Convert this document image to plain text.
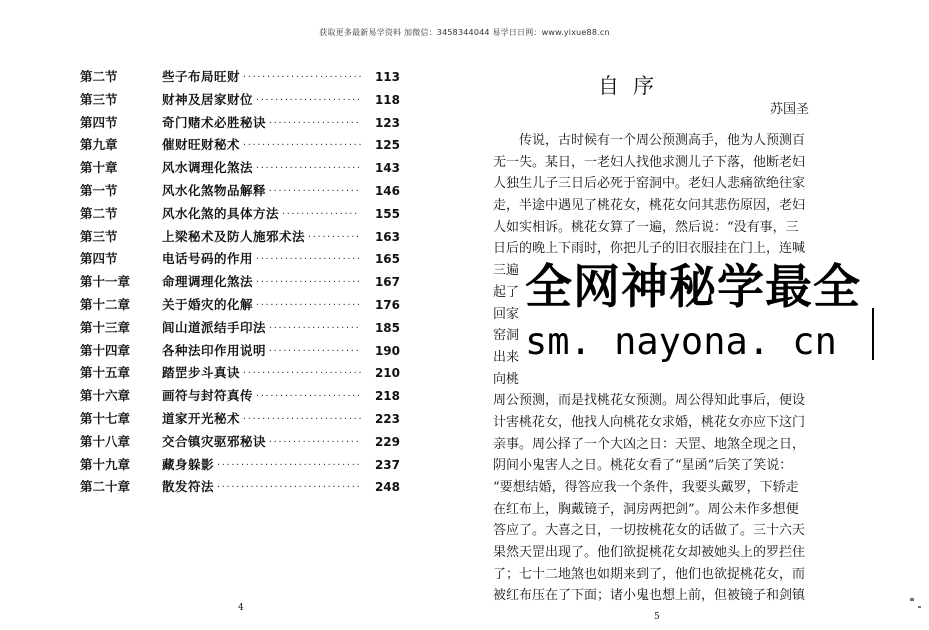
获取更多最新易学资料 加微信：3458344044 易学日日网：www.yixue88.cn
第二节	些子布局旺财 ························· 113
第三节	财神及居家财位 ······················ 118
第四节	奇门赌术必胜秘诀 ··················· 123
第九章	催财旺财秘术 ························· 125
第十章	风水调理化煞法 ······················ 143
第一节	风水化煞物品解释 ··················· 146
第二节	风水化煞的具体方法 ················	155
第三节	上梁秘术及防人施邪术法 ··········· 163
第四节	电话号码的作用 ······················ 165
第十一章	命理调理化煞法 ······················ 167
第十二章	关于婚灾的化解 ······················ 176
第十三章	闾山道派结手印法 ··················· 185
第十四章	各种法印作用说明 ··················· 190
第十五章	踏罡步斗真诀 ························· 210
第十六章	画符与封符真传 ······················ 218
第十七章	道家开光秘术 ························· 223
第十八章	交合镇灾驱邪秘诀 ··················· 229
第十九章	藏身躲影 ······························ 237
第二十章	散发符法 ······························ 248
4
5
自序
苏国圣
　　传说，古时候有一个周公预测高手，他为人预测百
无一失。某日，一老妇人找他求测儿子下落，他断老妇
人独生儿子三日后必死于窑洞中。老妇人悲痛欲绝往家
走，半途中遇见了桃花女，桃花女问其悲伤原因，老妇
人如实相诉。桃花女算了一遍，然后说：“没有事，三
日后的晚上下雨时，你把儿子的旧衣服挂在门上，连喊
三遍
起了
回家
窑洞
出来
向桃
周公预测，而是找桃花女预测。周公得知此事后，便设
计害桃花女，他找人向桃花女求婚，桃花女亦应下这门
亲事。周公择了一个大凶之日：天罡、地煞全现之日，
阴间小鬼害人之日。桃花女看了“星函”后笑了笑说：
“要想结婚，得答应我一个条件，我要头戴罗，下轿走
在红布上，胸戴镜子，洞房两把剑”。周公未作多想便
答应了。大喜之日，一切按桃花女的话做了。三十六天
果然天罡出现了。他们欲捉桃花女却被她头上的罗拦住
了；七十二地煞也如期来到了，他们也欲捉桃花女，而
被红布压在了下面；诸小鬼也想上前，但被镜子和剑镇
全网神秘学最全
sm. nayona. cn
